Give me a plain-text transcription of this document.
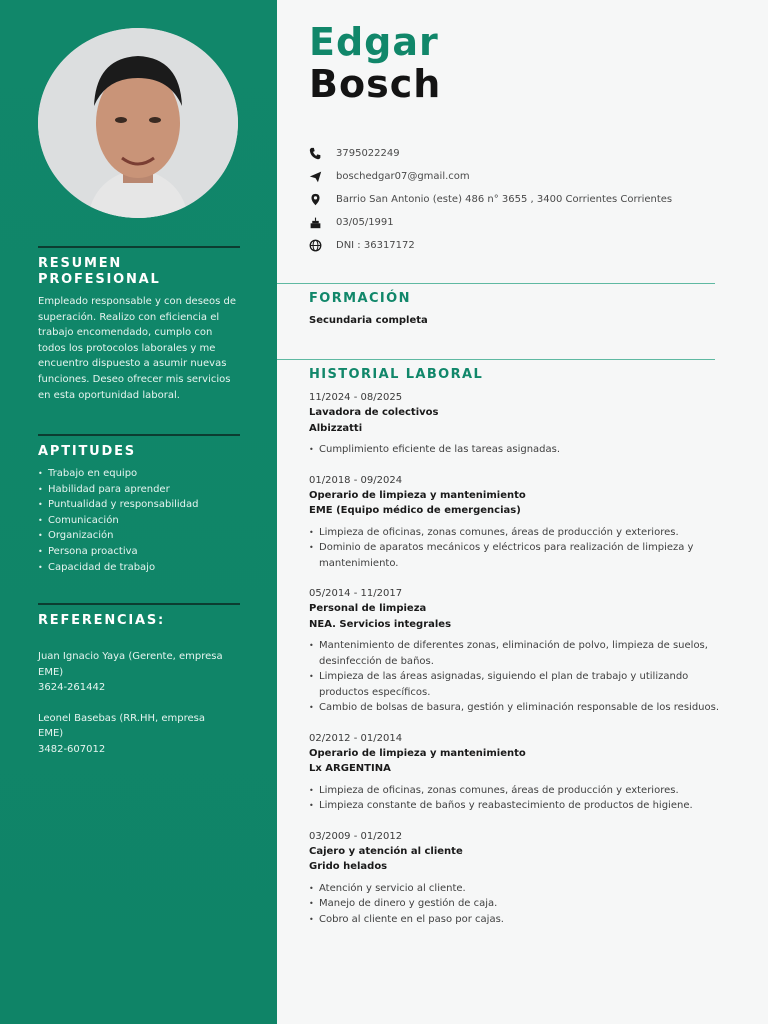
RESUMEN PROFESIONAL
Empleado responsable y con deseos de superación. Realizo con eficiencia el trabajo encomendado, cumplo con todos los protocolos laborales y me encuentro dispuesto a asumir nuevas funciones. Deseo ofrecer mis servicios en esta oportunidad laboral.
APTITUDES
• Trabajo en equipo
• Habilidad para aprender
• Puntualidad y responsabilidad
• Comunicación
• Organización
• Persona proactiva
• Capacidad de trabajo
REFERENCIAS:
Juan Ignacio Yaya (Gerente, empresa EME)
3624-261442
Leonel Basebas (RR.HH, empresa EME)
3482-607012
Edgar
Bosch
3795022249
boschedgar07@gmail.com
Barrio San Antonio (este) 486 n° 3655 , 3400 Corrientes Corrientes
03/05/1991
DNI : 36317172
FORMACIÓN
Secundaria completa
HISTORIAL LABORAL
11/2024 - 08/2025
Lavadora de colectivos
Albizzatti
• Cumplimiento eficiente de las tareas asignadas.
01/2018 - 09/2024
Operario de limpieza y mantenimiento
EME (Equipo médico de emergencias)
• Limpieza de oficinas, zonas comunes, áreas de producción y exteriores.
• Dominio de aparatos mecánicos y eléctricos para realización de limpieza y mantenimiento.
05/2014 - 11/2017
Personal de limpieza
NEA. Servicios integrales
• Mantenimiento de diferentes zonas, eliminación de polvo, limpieza de suelos, desinfección de baños.
• Limpieza de las áreas asignadas, siguiendo el plan de trabajo y utilizando productos específicos.
• Cambio de bolsas de basura, gestión y eliminación responsable de los residuos.
02/2012 - 01/2014
Operario de limpieza y mantenimiento
Lx ARGENTINA
• Limpieza de oficinas, zonas comunes, áreas de producción y exteriores.
• Limpieza constante de baños y reabastecimiento de productos de higiene.
03/2009 - 01/2012
Cajero y atención al cliente
Grido helados
• Atención y servicio al cliente.
• Manejo de dinero y gestión de caja.
• Cobro al cliente en el paso por cajas.
